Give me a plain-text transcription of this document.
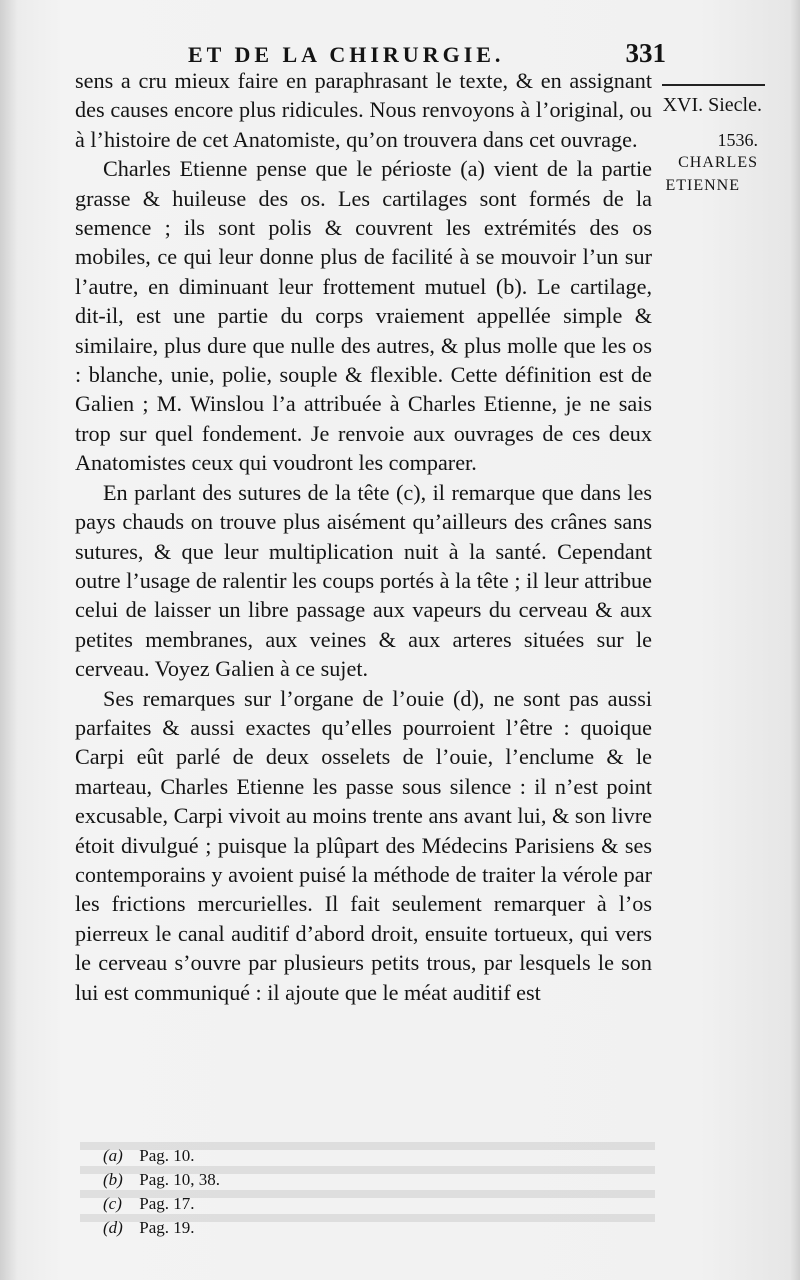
ET DE LA CHIRURGIE.	331
XVI. Siecle.
1536.
CHARLES
ETIENNE

sens a cru mieux faire en paraphrasant le texte, & en assignant des causes encore plus ridicules. Nous renvoyons à l’original, ou à l’histoire de cet Anatomiste, qu’on trouvera dans cet ouvrage.

Charles Etienne pense que le périoste (a) vient de la partie grasse & huileuse des os. Les cartilages sont formés de la semence ; ils sont polis & couvrent les extrémités des os mobiles, ce qui leur donne plus de facilité à se mouvoir l’un sur l’autre, en diminuant leur frottement mutuel (b). Le cartilage, dit-il, est une partie du corps vraiement appellée simple & similaire, plus dure que nulle des autres, & plus molle que les os : blanche, unie, polie, souple & flexible. Cette définition est de Galien ; M. Winslou l’a attribuée à Charles Etienne, je ne sais trop sur quel fondement. Je renvoie aux ouvrages de ces deux Anatomistes ceux qui voudront les comparer.

En parlant des sutures de la tête (c), il remarque que dans les pays chauds on trouve plus aisément qu’ailleurs des crânes sans sutures, & que leur multiplication nuit à la santé. Cependant outre l’usage de ralentir les coups portés à la tête ; il leur attribue celui de laisser un libre passage aux vapeurs du cerveau & aux petites membranes, aux veines & aux arteres situées sur le cerveau. Voyez Galien à ce sujet.

Ses remarques sur l’organe de l’ouie (d), ne sont pas aussi parfaites & aussi exactes qu’elles pourroient l’être : quoique Carpi eût parlé de deux osselets de l’ouie, l’enclume & le marteau, Charles Etienne les passe sous silence : il n’est point excusable, Carpi vivoit au moins trente ans avant lui, & son livre étoit divulgué ; puisque la plûpart des Médecins Parisiens & ses contemporains y avoient puisé la méthode de traiter la vérole par les frictions mercurielles. Il fait seulement remarquer à l’os pierreux le canal auditif d’abord droit, ensuite tortueux, qui vers le cerveau s’ouvre par plusieurs petits trous, par lesquels le son lui est communiqué : il ajoute que le méat auditif est

(a) Pag. 10.
(b) Pag. 10, 38.
(c) Pag. 17.
(d) Pag. 19.
